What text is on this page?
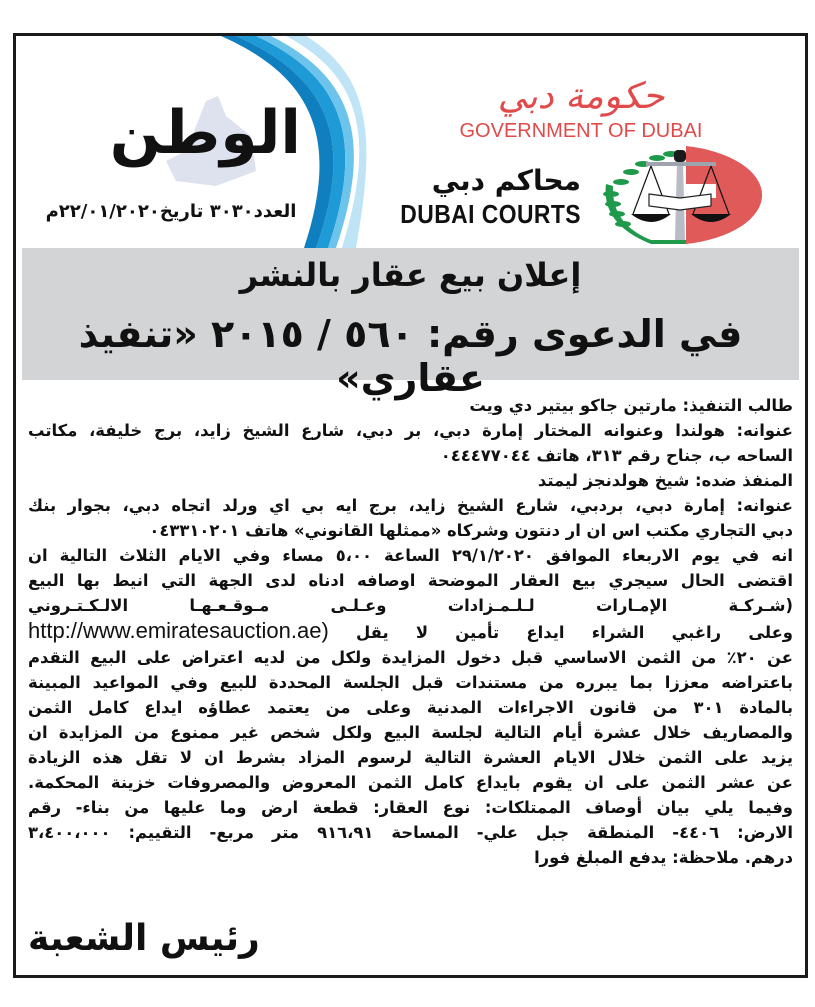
الوطن
العدد٣٠٣٠ تاريخ٢٢/٠١/٢٠٢٠م
حكومة دبي
GOVERNMENT OF DUBAI
محاكم دبي
DUBAI COURTS
إعلان بيع عقار بالنشر
في الدعوى رقم: ٥٦٠ / ٢٠١٥ «تنفيذ عقاري»

طالب التنفيذ: مارتين جاكو بيتير دي ويت

عنوانه: هولندا وعنوانه المختار إمارة دبي، بر دبي، شارع الشيخ زايد، برج خليفة، مكاتب

الساحه ب، جناح رقم ٣١٣، هاتف ٠٤٤٤٧٧٠٤٤

المنفذ ضده: شيخ هولدنجز ليمتد

عنوانه: إمارة دبي، بردبي، شارع الشيخ زايد، برج ايه بي اي ورلد اتجاه دبي، بجوار بنك

دبي التجاري مكتب اس ان ار دنتون وشركاه «ممثلها القانوني» هاتف ٠٤٣٣١٠٢٠١

انه في يوم الاربعاء الموافق ٢٩/١/٢٠٢٠ الساعة ٥،٠٠ مساء وفي الايام الثلاث التالية ان

اقتضى الحال سيجري بيع العقار الموضحة اوصافه ادناه لدى الجهة التي انيط بها البيع

(شـركـة الإمـارات لـلـمـزادات وعـلـى مـوقـعـهـا الالـكـتـروني

وعلى راغبي الشراء ايداع تأمين لا يقل http://www.emiratesauction.ae)

عن ٢٠٪ من الثمن الاساسي قبل دخول المزايدة ولكل من لديه اعتراض على البيع التقدم

باعتراضه معززا بما يبرره من مستندات قبل الجلسة المحددة للبيع وفي المواعيد المبينة

بالمادة ٣٠١ من قانون الاجراءات المدنية وعلى من يعتمد عطاؤه ايداع كامل الثمن

والمصاريف خلال عشرة أيام التالية لجلسة البيع ولكل شخص غير ممنوع من المزايدة ان

يزيد على الثمن خلال الايام العشرة التالية لرسوم المزاد بشرط ان لا تقل هذه الزيادة

عن عشر الثمن على ان يقوم بايداع كامل الثمن المعروض والمصروفات خزينة المحكمة.

وفيما يلي بيان أوصاف الممتلكات: نوع العقار: قطعة ارض وما عليها من بناء- رقم

الارض: ٤٤٠٦- المنطقة جبل علي- المساحة ٩١٦،٩١ متر مربع- التقييم: ٣،٤٠٠،٠٠٠

درهم. ملاحظة: يدفع المبلغ فورا

رئيس الشعبة
